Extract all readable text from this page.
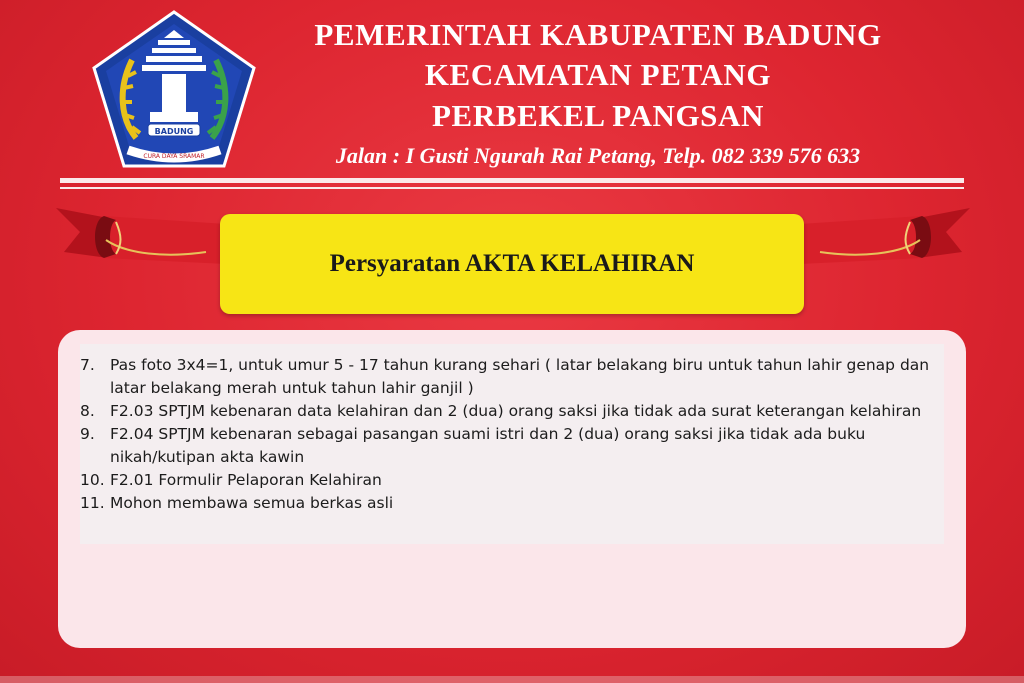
BADUNG
CURA DAYA SRAMAR
PEMERINTAH KABUPATEN BADUNG
KECAMATAN PETANG
PERBEKEL PANGSAN
Jalan : I Gusti Ngurah Rai Petang, Telp. 082 339 576 633
Persyaratan AKTA KELAHIRAN
7. Pas foto 3x4=1, untuk umur 5 - 17 tahun kurang sehari ( latar belakang biru untuk tahun lahir genap dan latar belakang merah untuk tahun lahir ganjil )
8. F2.03 SPTJM kebenaran data kelahiran dan 2 (dua) orang saksi jika tidak ada surat keterangan kelahiran
9. F2.04 SPTJM kebenaran sebagai pasangan suami istri dan 2 (dua) orang saksi jika tidak ada buku nikah/kutipan akta kawin
10. F2.01 Formulir Pelaporan Kelahiran
11. Mohon membawa semua berkas asli
